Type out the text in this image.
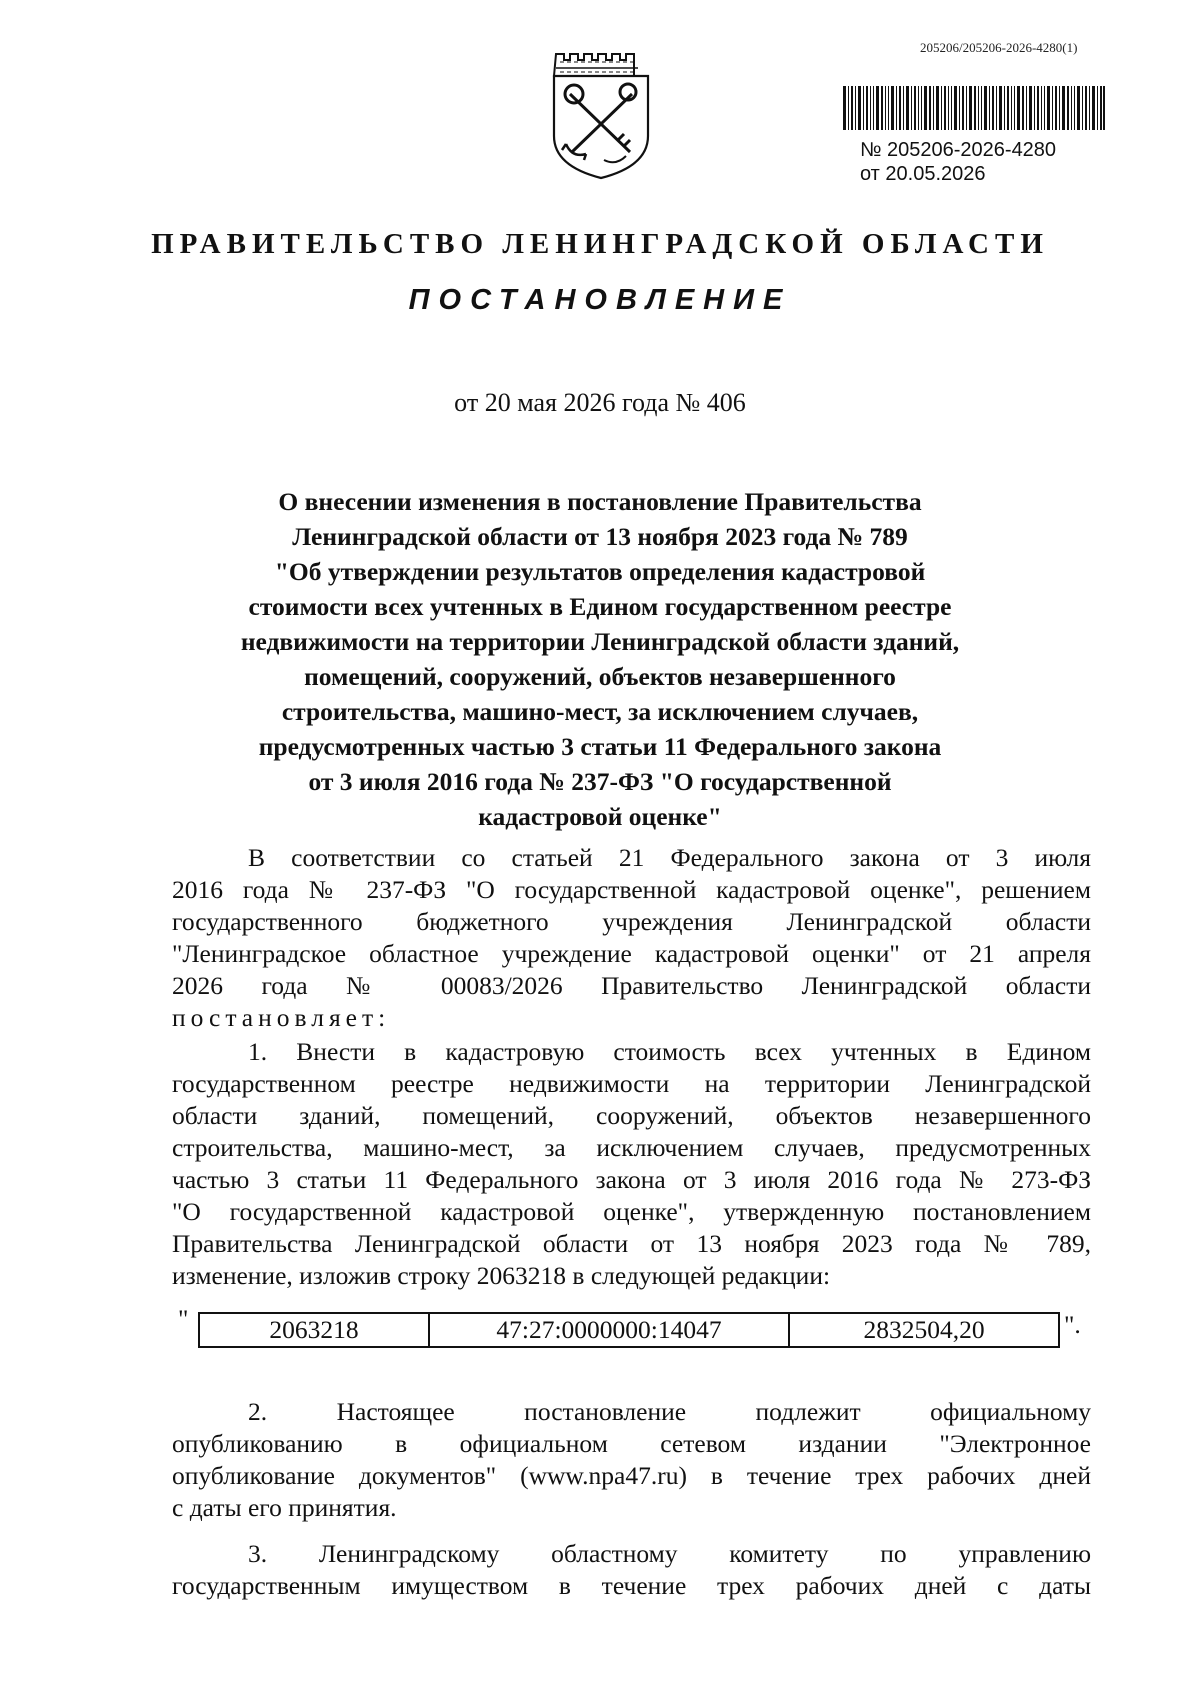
205206/205206-2026-4280(1)
№ 205206-2026-4280
от 20.05.2026
ПРАВИТЕЛЬСТВО ЛЕНИНГРАДСКОЙ ОБЛАСТИ
ПОСТАНОВЛЕНИЕ
от 20 мая 2026 года № 406
О внесении изменения в постановление Правительства
Ленинградской области от 13 ноября 2023 года № 789
"Об утверждении результатов определения кадастровой
стоимости всех учтенных в Едином государственном реестре
недвижимости на территории Ленинградской области зданий,
помещений, сооружений, объектов незавершенного
строительства, машино-мест, за исключением случаев,
предусмотренных частью 3 статьи 11 Федерального закона
от 3 июля 2016 года № 237-ФЗ "О государственной
кадастровой оценке"
В соответствии со статьей 21 Федерального закона от 3 июля
2016 года № 237-ФЗ "О государственной кадастровой оценке", решением
государственного бюджетного учреждения Ленинградской области
"Ленинградское областное учреждение кадастровой оценки" от 21 апреля
2026 года № 00083/2026 Правительство Ленинградской области
постановляет:
1. Внести в кадастровую стоимость всех учтенных в Едином
государственном реестре недвижимости на территории Ленинградской
области зданий, помещений, сооружений, объектов незавершенного
строительства, машино-мест, за исключением случаев, предусмотренных
частью 3 статьи 11 Федерального закона от 3 июля 2016 года № 273-ФЗ
"О государственной кадастровой оценке", утвержденную постановлением
Правительства Ленинградской области от 13 ноября 2023 года № 789,
изменение, изложив строку 2063218 в следующей редакции:
"	2063218	47:27:0000000:14047	2832504,20	".
2. Настоящее постановление подлежит официальному
опубликованию в официальном сетевом издании "Электронное
опубликование документов" (www.npa47.ru) в течение трех рабочих дней
с даты его принятия.
3. Ленинградскому областному комитету по управлению
государственным имуществом в течение трех рабочих дней с даты
